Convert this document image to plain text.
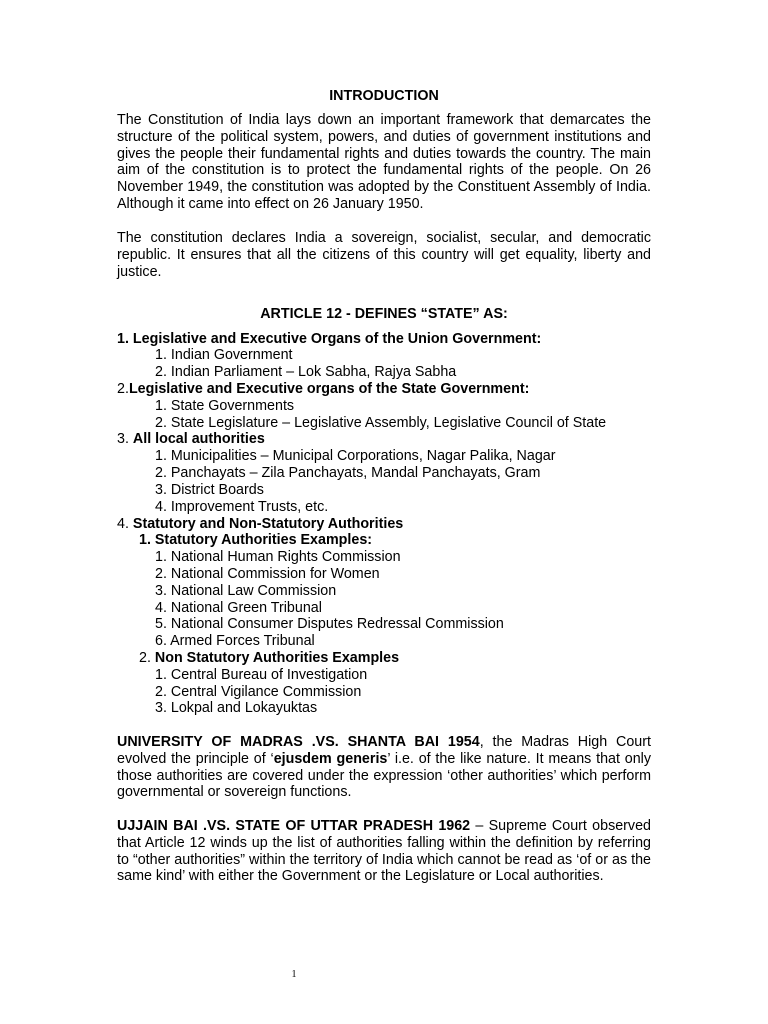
INTRODUCTION
The Constitution of India lays down an important framework that demarcates the structure of the political system, powers, and duties of government institutions and gives the people their fundamental rights and duties towards the country. The main aim of the constitution is to protect the fundamental rights of the people. On 26 November 1949, the constitution was adopted by the Constituent Assembly of India. Although it came into effect on 26 January 1950.
The constitution declares India a sovereign, socialist, secular, and democratic republic. It ensures that all the citizens of this country will get equality, liberty and justice.
ARTICLE 12 - DEFINES “STATE” AS:
1. Legislative and Executive Organs of the Union Government:
1. Indian Government
2. Indian Parliament – Lok Sabha, Rajya Sabha
2.Legislative and Executive organs of the State Government:
1. State Governments
2. State Legislature – Legislative Assembly, Legislative Council of State
3. All local authorities
1. Municipalities – Municipal Corporations, Nagar Palika, Nagar
2. Panchayats – Zila Panchayats, Mandal Panchayats, Gram
3. District Boards
4. Improvement Trusts, etc.
4. Statutory and Non-Statutory Authorities
1. Statutory Authorities Examples:
1. National Human Rights Commission
2. National Commission for Women
3. National Law Commission
4. National Green Tribunal
5. National Consumer Disputes Redressal Commission
6. Armed Forces Tribunal
2. Non Statutory Authorities Examples
1. Central Bureau of Investigation
2. Central Vigilance Commission
3. Lokpal and Lokayuktas
UNIVERSITY OF MADRAS .VS. SHANTA BAI 1954, the Madras High Court evolved the principle of ‘ejusdem generis’ i.e. of the like nature. It means that only those authorities are covered under the expression ‘other authorities’ which perform governmental or sovereign functions.
UJJAIN BAI .VS. STATE OF UTTAR PRADESH 1962 – Supreme Court observed that Article 12 winds up the list of authorities falling within the definition by referring to “other authorities” within the territory of India which cannot be read as ‘of or as the same kind’ with either the Government or the Legislature or Local authorities.
1
